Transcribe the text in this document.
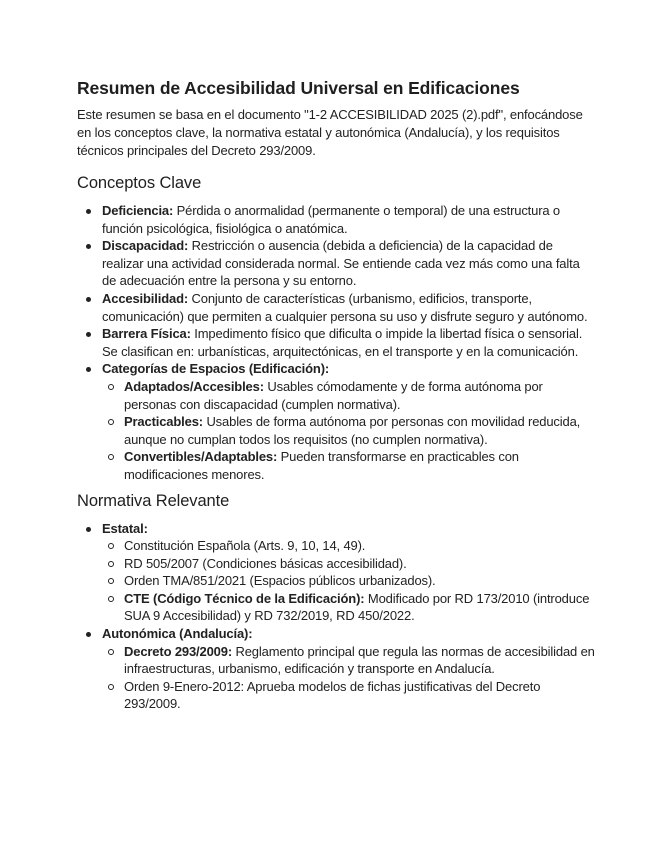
Resumen de Accesibilidad Universal en Edificaciones

Este resumen se basa en el documento "1-2 ACCESIBILIDAD 2025 (2).pdf", enfocándose en los conceptos clave, la normativa estatal y autonómica (Andalucía), y los requisitos técnicos principales del Decreto 293/2009.

Conceptos Clave
Deficiencia: Pérdida o anormalidad (permanente o temporal) de una estructura o función psicológica, fisiológica o anatómica.
Discapacidad: Restricción o ausencia (debida a deficiencia) de la capacidad de realizar una actividad considerada normal. Se entiende cada vez más como una falta de adecuación entre la persona y su entorno.
Accesibilidad: Conjunto de características (urbanismo, edificios, transporte, comunicación) que permiten a cualquier persona su uso y disfrute seguro y autónomo.
Barrera Física: Impedimento físico que dificulta o impide la libertad física o sensorial. Se clasifican en: urbanísticas, arquitectónicas, en el transporte y en la comunicación.
Categorías de Espacios (Edificación):
Adaptados/Accesibles: Usables cómodamente y de forma autónoma por personas con discapacidad (cumplen normativa).
Practicables: Usables de forma autónoma por personas con movilidad reducida, aunque no cumplan todos los requisitos (no cumplen normativa).
Convertibles/Adaptables: Pueden transformarse en practicables con modificaciones menores.
Normativa Relevante
Estatal:
Constitución Española (Arts. 9, 10, 14, 49).
RD 505/2007 (Condiciones básicas accesibilidad).
Orden TMA/851/2021 (Espacios públicos urbanizados).
CTE (Código Técnico de la Edificación): Modificado por RD 173/2010 (introduce SUA 9 Accesibilidad) y RD 732/2019, RD 450/2022.
Autonómica (Andalucía):
Decreto 293/2009: Reglamento principal que regula las normas de accesibilidad en infraestructuras, urbanismo, edificación y transporte en Andalucía.
Orden 9-Enero-2012: Aprueba modelos de fichas justificativas del Decreto 293/2009.
